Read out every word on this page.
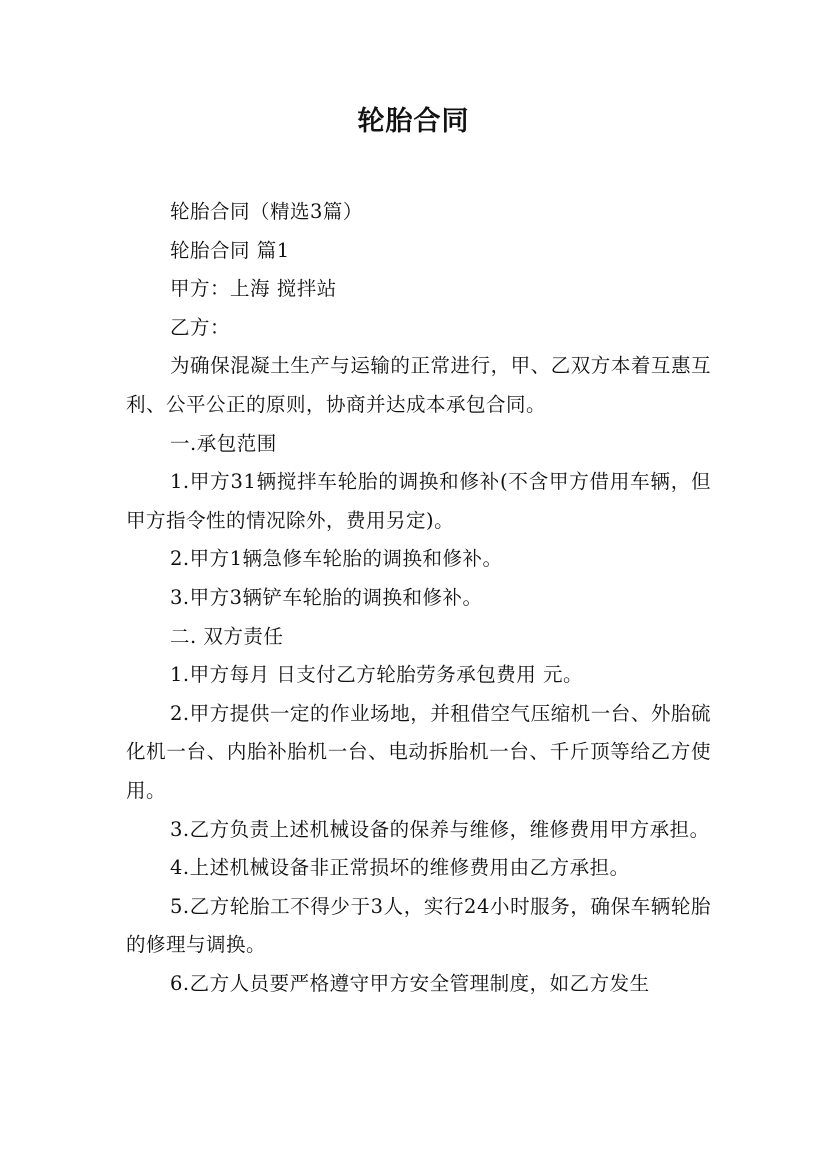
轮胎合同

轮胎合同（精选3篇）

轮胎合同 篇1

甲方：上海 搅拌站

乙方：

为确保混凝土生产与运输的正常进行，甲、乙双方本着互惠互利、公平公正的原则，协商并达成本承包合同。

一.承包范围

1.甲方31辆搅拌车轮胎的调换和修补(不含甲方借用车辆，但甲方指令性的情况除外，费用另定)。

2.甲方1辆急修车轮胎的调换和修补。

3.甲方3辆铲车轮胎的调换和修补。

二. 双方责任

1.甲方每月 日支付乙方轮胎劳务承包费用 元。

2.甲方提供一定的作业场地，并租借空气压缩机一台、外胎硫化机一台、内胎补胎机一台、电动拆胎机一台、千斤顶等给乙方使用。

3.乙方负责上述机械设备的保养与维修，维修费用甲方承担。

4.上述机械设备非正常损坏的维修费用由乙方承担。

5.乙方轮胎工不得少于3人，实行24小时服务，确保车辆轮胎的修理与调换。

6.乙方人员要严格遵守甲方安全管理制度，如乙方发生
